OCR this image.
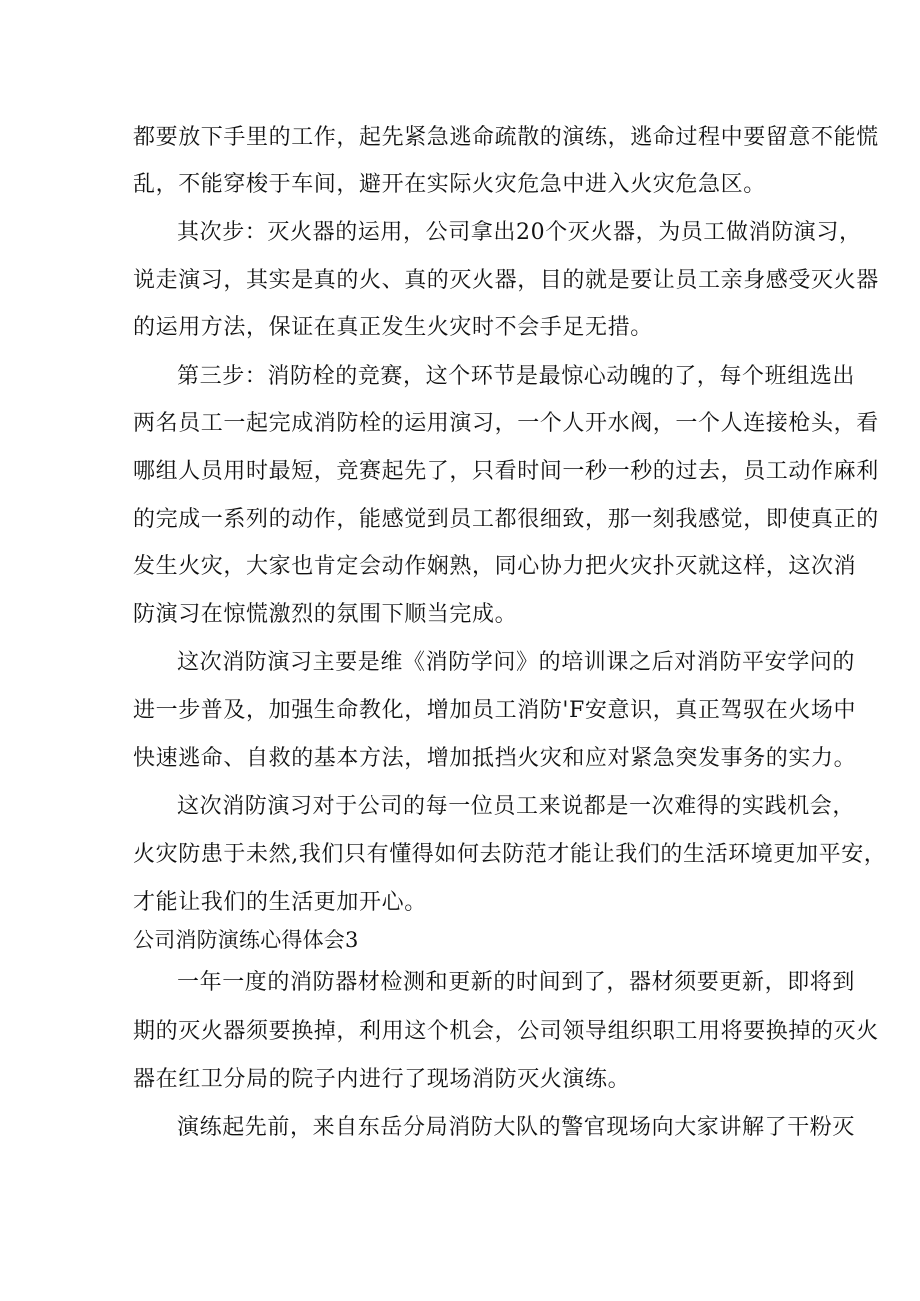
都要放下手里的工作，起先紧急逃命疏散的演练，逃命过程中要留意不能慌
乱，不能穿梭于车间，避开在实际火灾危急中进入火灾危急区。
其次步：灭火器的运用，公司拿出20个灭火器，为员工做消防演习，
说走演习，其实是真的火、真的灭火器，目的就是要让员工亲身感受灭火器
的运用方法，保证在真正发生火灾时不会手足无措。
第三步：消防栓的竞赛，这个环节是最惊心动魄的了，每个班组选出
两名员工一起完成消防栓的运用演习，一个人开水阀，一个人连接枪头，看
哪组人员用时最短，竞赛起先了，只看时间一秒一秒的过去，员工动作麻利
的完成一系列的动作，能感觉到员工都很细致，那一刻我感觉，即使真正的
发生火灾，大家也肯定会动作娴熟，同心协力把火灾扑灭就这样，这次消
防演习在惊慌激烈的氛围下顺当完成。
这次消防演习主要是维《消防学问》的培训课之后对消防平安学问的
进一步普及，加强生命教化，增加员工消防'F安意识，真正驾驭在火场中
快速逃命、自救的基本方法，增加抵挡火灾和应对紧急突发事务的实力。
这次消防演习对于公司的每一位员工来说都是一次难得的实践机会，
火灾防患于未然,我们只有懂得如何去防范才能让我们的生活环境更加平安，
才能让我们的生活更加开心。
公司消防演练心得体会3
一年一度的消防器材检测和更新的时间到了，器材须要更新，即将到
期的灭火器须要换掉，利用这个机会，公司领导组织职工用将要换掉的灭火
器在红卫分局的院子内进行了现场消防灭火演练。
演练起先前，来自东岳分局消防大队的警官现场向大家讲解了干粉灭
